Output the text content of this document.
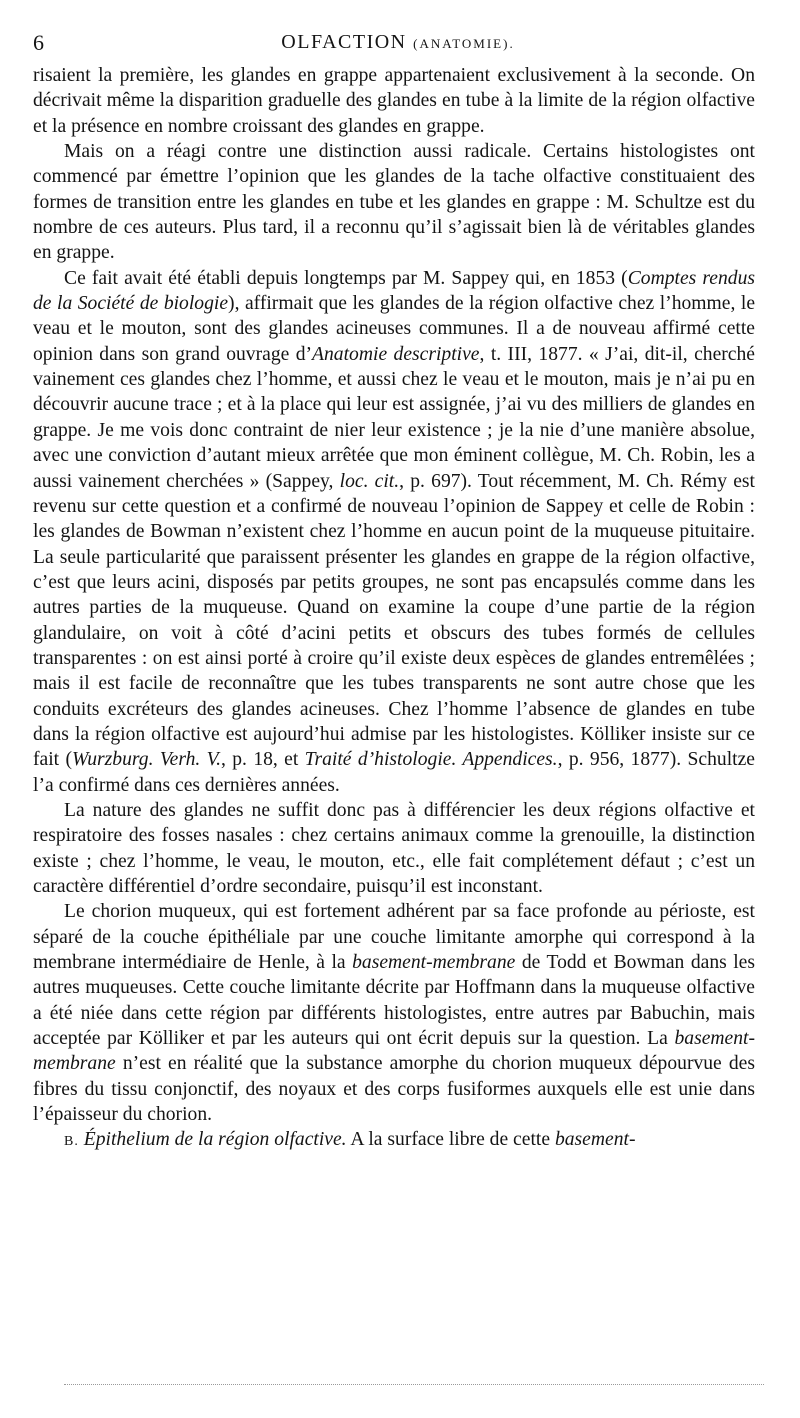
6	OLFACTION (ANATOMIE).

risaient la première, les glandes en grappe appartenaient exclusivement à la seconde. On décrivait même la disparition graduelle des glandes en tube à la limite de la région olfactive et la présence en nombre croissant des glandes en grappe.

Mais on a réagi contre une distinction aussi radicale. Certains histologistes ont commencé par émettre l’opinion que les glandes de la tache olfactive constituaient des formes de transition entre les glandes en tube et les glandes en grappe : M. Schultze est du nombre de ces auteurs. Plus tard, il a reconnu qu’il s’agissait bien là de véritables glandes en grappe.

Ce fait avait été établi depuis longtemps par M. Sappey qui, en 1853 (Comptes rendus de la Société de biologie), affirmait que les glandes de la région olfactive chez l’homme, le veau et le mouton, sont des glandes acineuses communes. Il a de nouveau affirmé cette opinion dans son grand ouvrage d’Anatomie descriptive, t. III, 1877. « J’ai, dit-il, cherché vainement ces glandes chez l’homme, et aussi chez le veau et le mouton, mais je n’ai pu en découvrir aucune trace ; et à la place qui leur est assignée, j’ai vu des milliers de glandes en grappe. Je me vois donc contraint de nier leur existence ; je la nie d’une manière absolue, avec une conviction d’autant mieux arrêtée que mon éminent collègue, M. Ch. Robin, les a aussi vainement cherchées » (Sappey, loc. cit., p. 697). Tout récemment, M. Ch. Rémy est revenu sur cette question et a confirmé de nouveau l’opinion de Sappey et celle de Robin : les glandes de Bowman n’existent chez l’homme en aucun point de la muqueuse pituitaire. La seule particularité que paraissent présenter les glandes en grappe de la région olfactive, c’est que leurs acini, disposés par petits groupes, ne sont pas encapsulés comme dans les autres parties de la muqueuse. Quand on examine la coupe d’une partie de la région glandulaire, on voit à côté d’acini petits et obscurs des tubes formés de cellules transparentes : on est ainsi porté à croire qu’il existe deux espèces de glandes entremêlées ; mais il est facile de reconnaître que les tubes transparents ne sont autre chose que les conduits excréteurs des glandes acineuses. Chez l’homme l’absence de glandes en tube dans la région olfactive est aujourd’hui admise par les histologistes. Kölliker insiste sur ce fait (Wurzburg. Verh. V., p. 18, et Traité d’histologie. Appendices., p. 956, 1877). Schultze l’a confirmé dans ces dernières années.

La nature des glandes ne suffit donc pas à différencier les deux régions olfactive et respiratoire des fosses nasales : chez certains animaux comme la grenouille, la distinction existe ; chez l’homme, le veau, le mouton, etc., elle fait complétement défaut ; c’est un caractère différentiel d’ordre secondaire, puisqu’il est inconstant.

Le chorion muqueux, qui est fortement adhérent par sa face profonde au périoste, est séparé de la couche épithéliale par une couche limitante amorphe qui correspond à la membrane intermédiaire de Henle, à la basement-membrane de Todd et Bowman dans les autres muqueuses. Cette couche limitante décrite par Hoffmann dans la muqueuse olfactive a été niée dans cette région par différents histologistes, entre autres par Babuchin, mais acceptée par Kölliker et par les auteurs qui ont écrit depuis sur la question. La basement-membrane n’est en réalité que la substance amorphe du chorion muqueux dépourvue des fibres du tissu conjonctif, des noyaux et des corps fusiformes auxquels elle est unie dans l’épaisseur du chorion.

B. Épithelium de la région olfactive. A la surface libre de cette basement-
